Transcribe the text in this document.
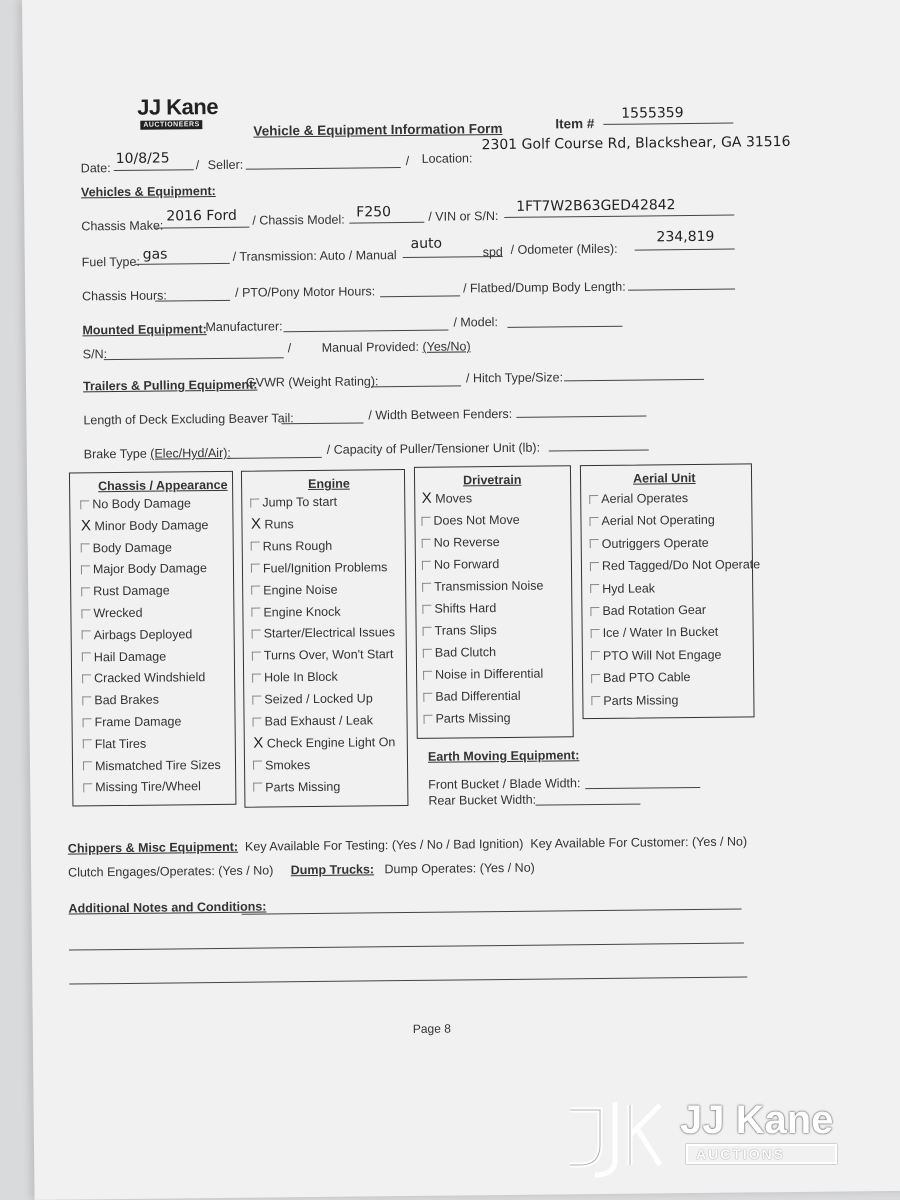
JJ Kane
AUCTIONEERS	Vehicle & Equipment Information Form	Item #
1555359
Date:
10/8/25 / Seller:	/ Location:
2301 Golf Course Rd, Blackshear, GA 31516
Vehicles & Equipment:
Chassis Make:
2016 Ford / Chassis Model: F250	/ VIN or S/N:
1FT7W2B63GED42842
Fuel Type: gas	/ Transmission: Auto / Manual
auto
spd / Odometer (Miles):
234,819
Chassis Hours:	/ PTO/Pony Motor Hours:	/ Flatbed/Dump Body Length:
Mounted Equipment:
Manufacturer:	/ Model:
S/N:	/ Manual Provided: (Yes/No)
Trailers & Pulling Equipment:
GVWR (Weight Rating):	/ Hitch Type/Size:
Length of Deck Excluding Beaver Tail:	/ Width Between Fenders:
Brake Type (Elec/Hyd/Air):	/ Capacity of Puller/Tensioner Unit (lb):
Chassis / Appearance
No Body Damage
X Minor Body Damage
Body Damage
Major Body Damage
Rust Damage
Wrecked
Airbags Deployed
Hail Damage
Cracked Windshield
Bad Brakes
Frame Damage
Flat Tires
Mismatched Tire Sizes
Missing Tire/Wheel
Engine
Jump To start
X Runs
Runs Rough
Fuel/Ignition Problems
Engine Noise
Engine Knock
Starter/Electrical Issues
Turns Over, Won't Start
Hole In Block
Seized / Locked Up
Bad Exhaust / Leak
X Check Engine Light On
Smokes
Parts Missing
Drivetrain
X Moves
Does Not Move
No Reverse
No Forward
Transmission Noise
Shifts Hard
Trans Slips
Bad Clutch
Noise in Differential
Bad Differential
Parts Missing
Aerial Unit
Aerial Operates
Aerial Not Operating
Outriggers Operate
Red Tagged/Do Not Operate
Hyd Leak
Bad Rotation Gear
Ice / Water In Bucket
PTO Will Not Engage
Bad PTO Cable
Parts Missing
Earth Moving Equipment:
Front Bucket / Blade Width:
Rear Bucket Width:
Chippers & Misc Equipment: Key Available For Testing: (Yes / No / Bad Ignition) Key Available For Customer: (Yes / No)
Clutch Engages/Operates: (Yes / No) Dump Trucks: Dump Operates: (Yes / No)
Additional Notes and Conditions:
Page 8
JJ Kane
AUCTIONS
